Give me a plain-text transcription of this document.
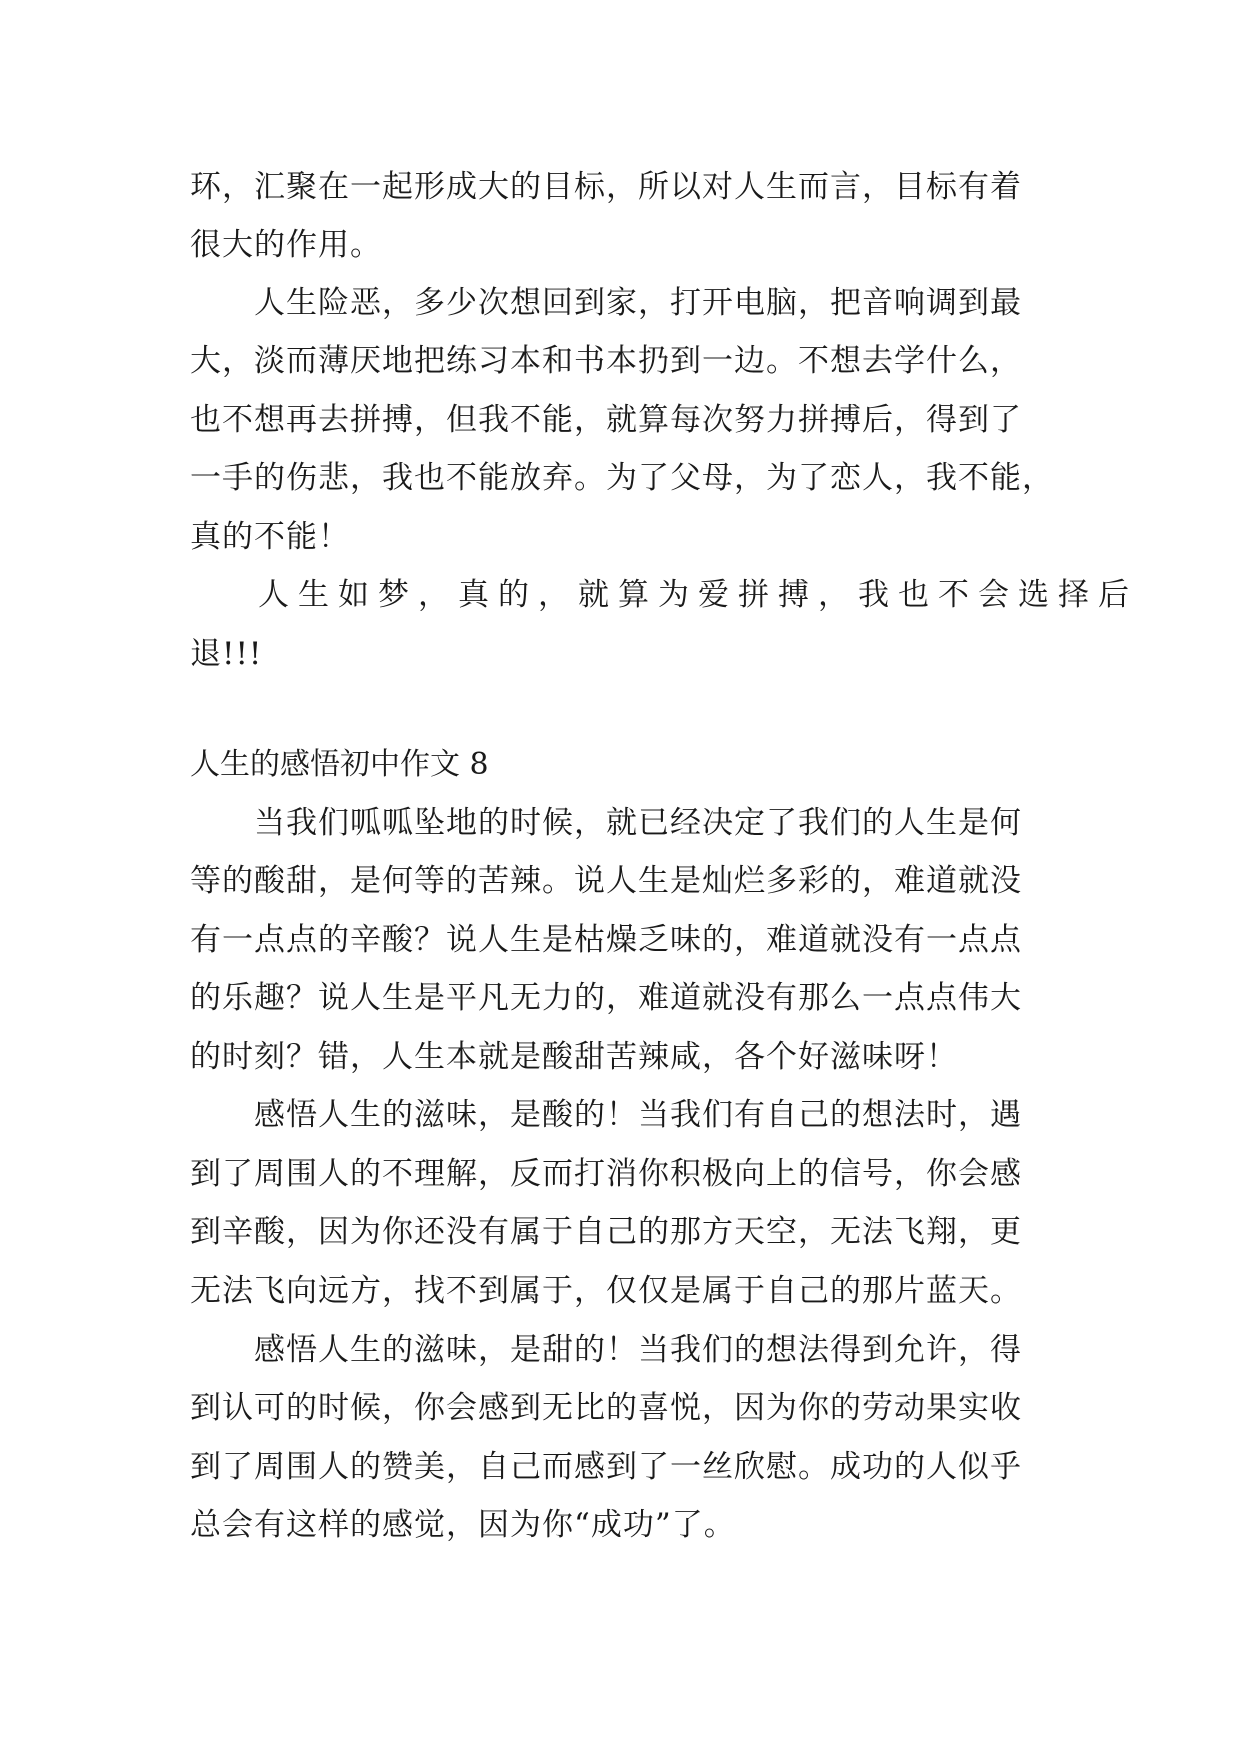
环，汇聚在一起形成大的目标，所以对人生而言，目标有着
很大的作用。
人生险恶，多少次想回到家，打开电脑，把音响调到最
大，淡而薄厌地把练习本和书本扔到一边。不想去学什么，
也不想再去拼搏，但我不能，就算每次努力拼搏后，得到了
一手的伤悲，我也不能放弃。为了父母，为了恋人，我不能，
真的不能！
人生如梦，真的，就算为爱拼搏，我也不会选择后
退!!!
人生的感悟初中作文 8
当我们呱呱坠地的时候，就已经决定了我们的人生是何
等的酸甜，是何等的苦辣。说人生是灿烂多彩的，难道就没
有一点点的辛酸？说人生是枯燥乏味的，难道就没有一点点
的乐趣？说人生是平凡无力的，难道就没有那么一点点伟大
的时刻？错，人生本就是酸甜苦辣咸，各个好滋味呀！
感悟人生的滋味，是酸的！当我们有自己的想法时，遇
到了周围人的不理解，反而打消你积极向上的信号，你会感
到辛酸，因为你还没有属于自己的那方天空，无法飞翔，更
无法飞向远方，找不到属于，仅仅是属于自己的那片蓝天。
感悟人生的滋味，是甜的！当我们的想法得到允许，得
到认可的时候，你会感到无比的喜悦，因为你的劳动果实收
到了周围人的赞美，自己而感到了一丝欣慰。成功的人似乎
总会有这样的感觉，因为你“成功”了。
